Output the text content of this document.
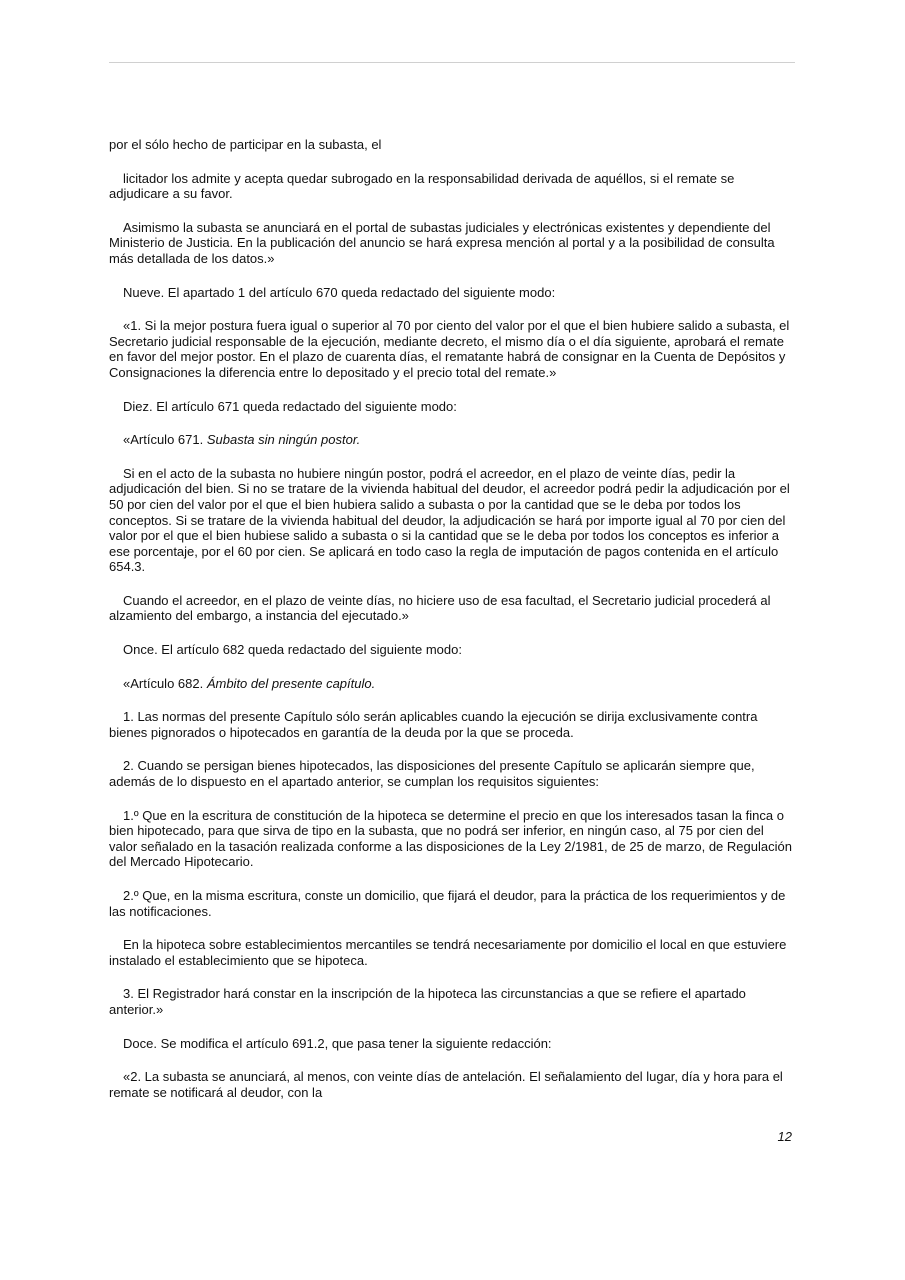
por el sólo hecho de participar en la subasta, el

licitador los admite y acepta quedar subrogado en la responsabilidad derivada de aquéllos, si el remate se adjudicare a su favor.

Asimismo la subasta se anunciará en el portal de subastas judiciales y electrónicas existentes y dependiente del Ministerio de Justicia. En la publicación del anuncio se hará expresa mención al portal y a la posibilidad de consulta más detallada de los datos.»

Nueve. El apartado 1 del artículo 670 queda redactado del siguiente modo:

«1. Si la mejor postura fuera igual o superior al 70 por ciento del valor por el que el bien hubiere salido a subasta, el Secretario judicial responsable de la ejecución, mediante decreto, el mismo día o el día siguiente, aprobará el remate en favor del mejor postor. En el plazo de cuarenta días, el rematante habrá de consignar en la Cuenta de Depósitos y Consignaciones la diferencia entre lo depositado y el precio total del remate.»

Diez. El artículo 671 queda redactado del siguiente modo:

«Artículo 671. Subasta sin ningún postor.

Si en el acto de la subasta no hubiere ningún postor, podrá el acreedor, en el plazo de veinte días, pedir la adjudicación del bien. Si no se tratare de la vivienda habitual del deudor, el acreedor podrá pedir la adjudicación por el 50 por cien del valor por el que el bien hubiera salido a subasta o por la cantidad que se le deba por todos los conceptos. Si se tratare de la vivienda habitual del deudor, la adjudicación se hará por importe igual al 70 por cien del valor por el que el bien hubiese salido a subasta o si la cantidad que se le deba por todos los conceptos es inferior a ese porcentaje, por el 60 por cien. Se aplicará en todo caso la regla de imputación de pagos contenida en el artículo 654.3.

Cuando el acreedor, en el plazo de veinte días, no hiciere uso de esa facultad, el Secretario judicial procederá al alzamiento del embargo, a instancia del ejecutado.»

Once. El artículo 682 queda redactado del siguiente modo:

«Artículo 682. Ámbito del presente capítulo.

1. Las normas del presente Capítulo sólo serán aplicables cuando la ejecución se dirija exclusivamente contra bienes pignorados o hipotecados en garantía de la deuda por la que se proceda.

2. Cuando se persigan bienes hipotecados, las disposiciones del presente Capítulo se aplicarán siempre que, además de lo dispuesto en el apartado anterior, se cumplan los requisitos siguientes:

1.º Que en la escritura de constitución de la hipoteca se determine el precio en que los interesados tasan la finca o bien hipotecado, para que sirva de tipo en la subasta, que no podrá ser inferior, en ningún caso, al 75 por cien del valor señalado en la tasación realizada conforme a las disposiciones de la Ley 2/1981, de 25 de marzo, de Regulación del Mercado Hipotecario.

2.º Que, en la misma escritura, conste un domicilio, que fijará el deudor, para la práctica de los requerimientos y de las notificaciones.

En la hipoteca sobre establecimientos mercantiles se tendrá necesariamente por domicilio el local en que estuviere instalado el establecimiento que se hipoteca.

3. El Registrador hará constar en la inscripción de la hipoteca las circunstancias a que se refiere el apartado anterior.»

Doce. Se modifica el artículo 691.2, que pasa tener la siguiente redacción:

«2. La subasta se anunciará, al menos, con veinte días de antelación. El señalamiento del lugar, día y hora para el remate se notificará al deudor, con la

12
